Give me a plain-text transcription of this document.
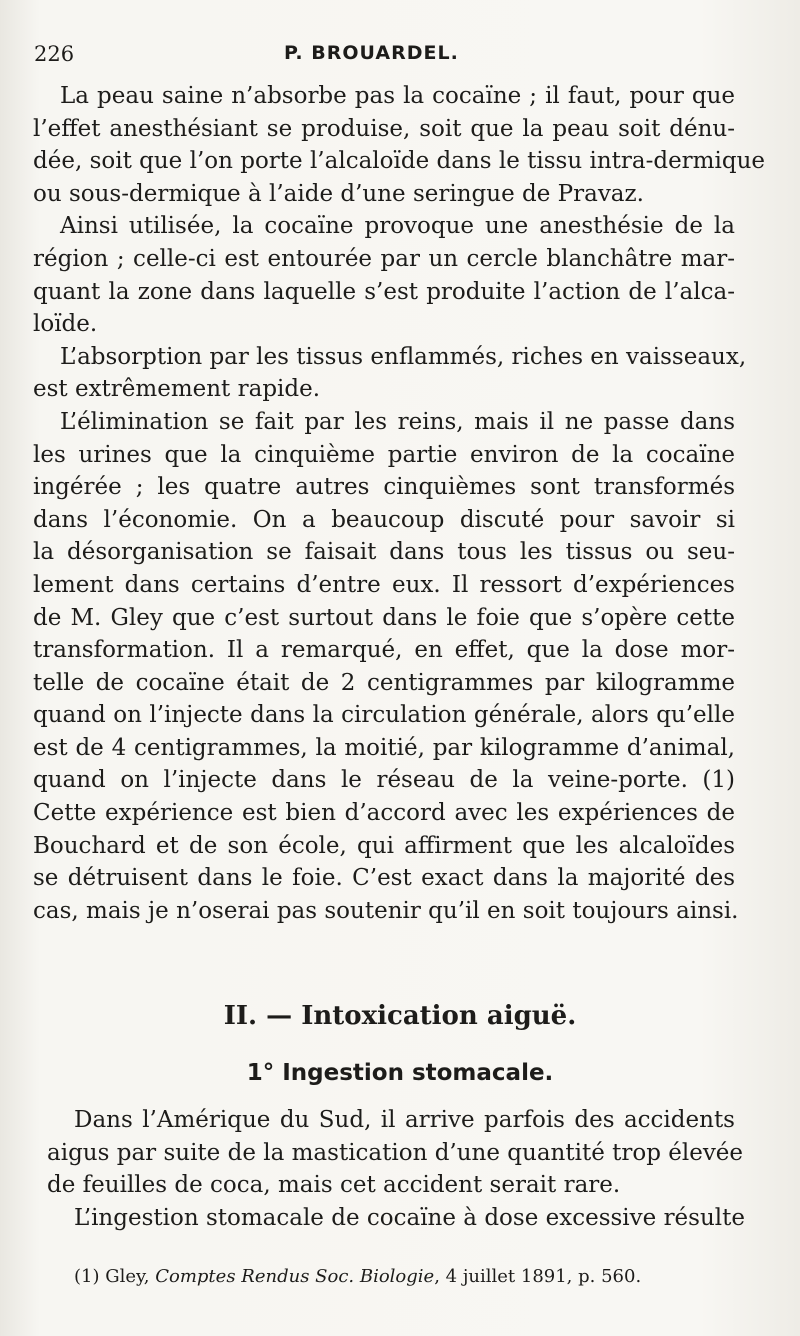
226	P. BROUARDEL.
La peau saine n’absorbe pas la cocaïne ; il faut, pour que
l’effet anesthésiant se produise, soit que la peau soit dénu-
dée, soit que l’on porte l’alcaloïde dans le tissu intra-dermique
ou sous-dermique à l’aide d’une seringue de Pravaz.
Ainsi utilisée, la cocaïne provoque une anesthésie de la
région ; celle-ci est entourée par un cercle blanchâtre mar-
quant la zone dans laquelle s’est produite l’action de l’alca-
loïde.
L’absorption par les tissus enflammés, riches en vaisseaux,
est extrêmement rapide.
L’élimination se fait par les reins, mais il ne passe dans
les urines que la cinquième partie environ de la cocaïne
ingérée ; les quatre autres cinquièmes sont transformés
dans l’économie. On a beaucoup discuté pour savoir si
la désorganisation se faisait dans tous les tissus ou seu-
lement dans certains d’entre eux. Il ressort d’expériences
de M. Gley que c’est surtout dans le foie que s’opère cette
transformation. Il a remarqué, en effet, que la dose mor-
telle de cocaïne était de 2 centigrammes par kilogramme
quand on l’injecte dans la circulation générale, alors qu’elle
est de 4 centigrammes, la moitié, par kilogramme d’animal,
quand on l’injecte dans le réseau de la veine-porte. (1)
Cette expérience est bien d’accord avec les expériences de
Bouchard et de son école, qui affirment que les alcaloïdes
se détruisent dans le foie. C’est exact dans la majorité des
cas, mais je n’oserai pas soutenir qu’il en soit toujours ainsi.
II. — Intoxication aiguë.
1° Ingestion stomacale.
Dans l’Amérique du Sud, il arrive parfois des accidents
aigus par suite de la mastication d’une quantité trop élevée
de feuilles de coca, mais cet accident serait rare.
L’ingestion stomacale de cocaïne à dose excessive résulte
(1) Gley, Comptes Rendus Soc. Biologie, 4 juillet 1891, p. 560.
